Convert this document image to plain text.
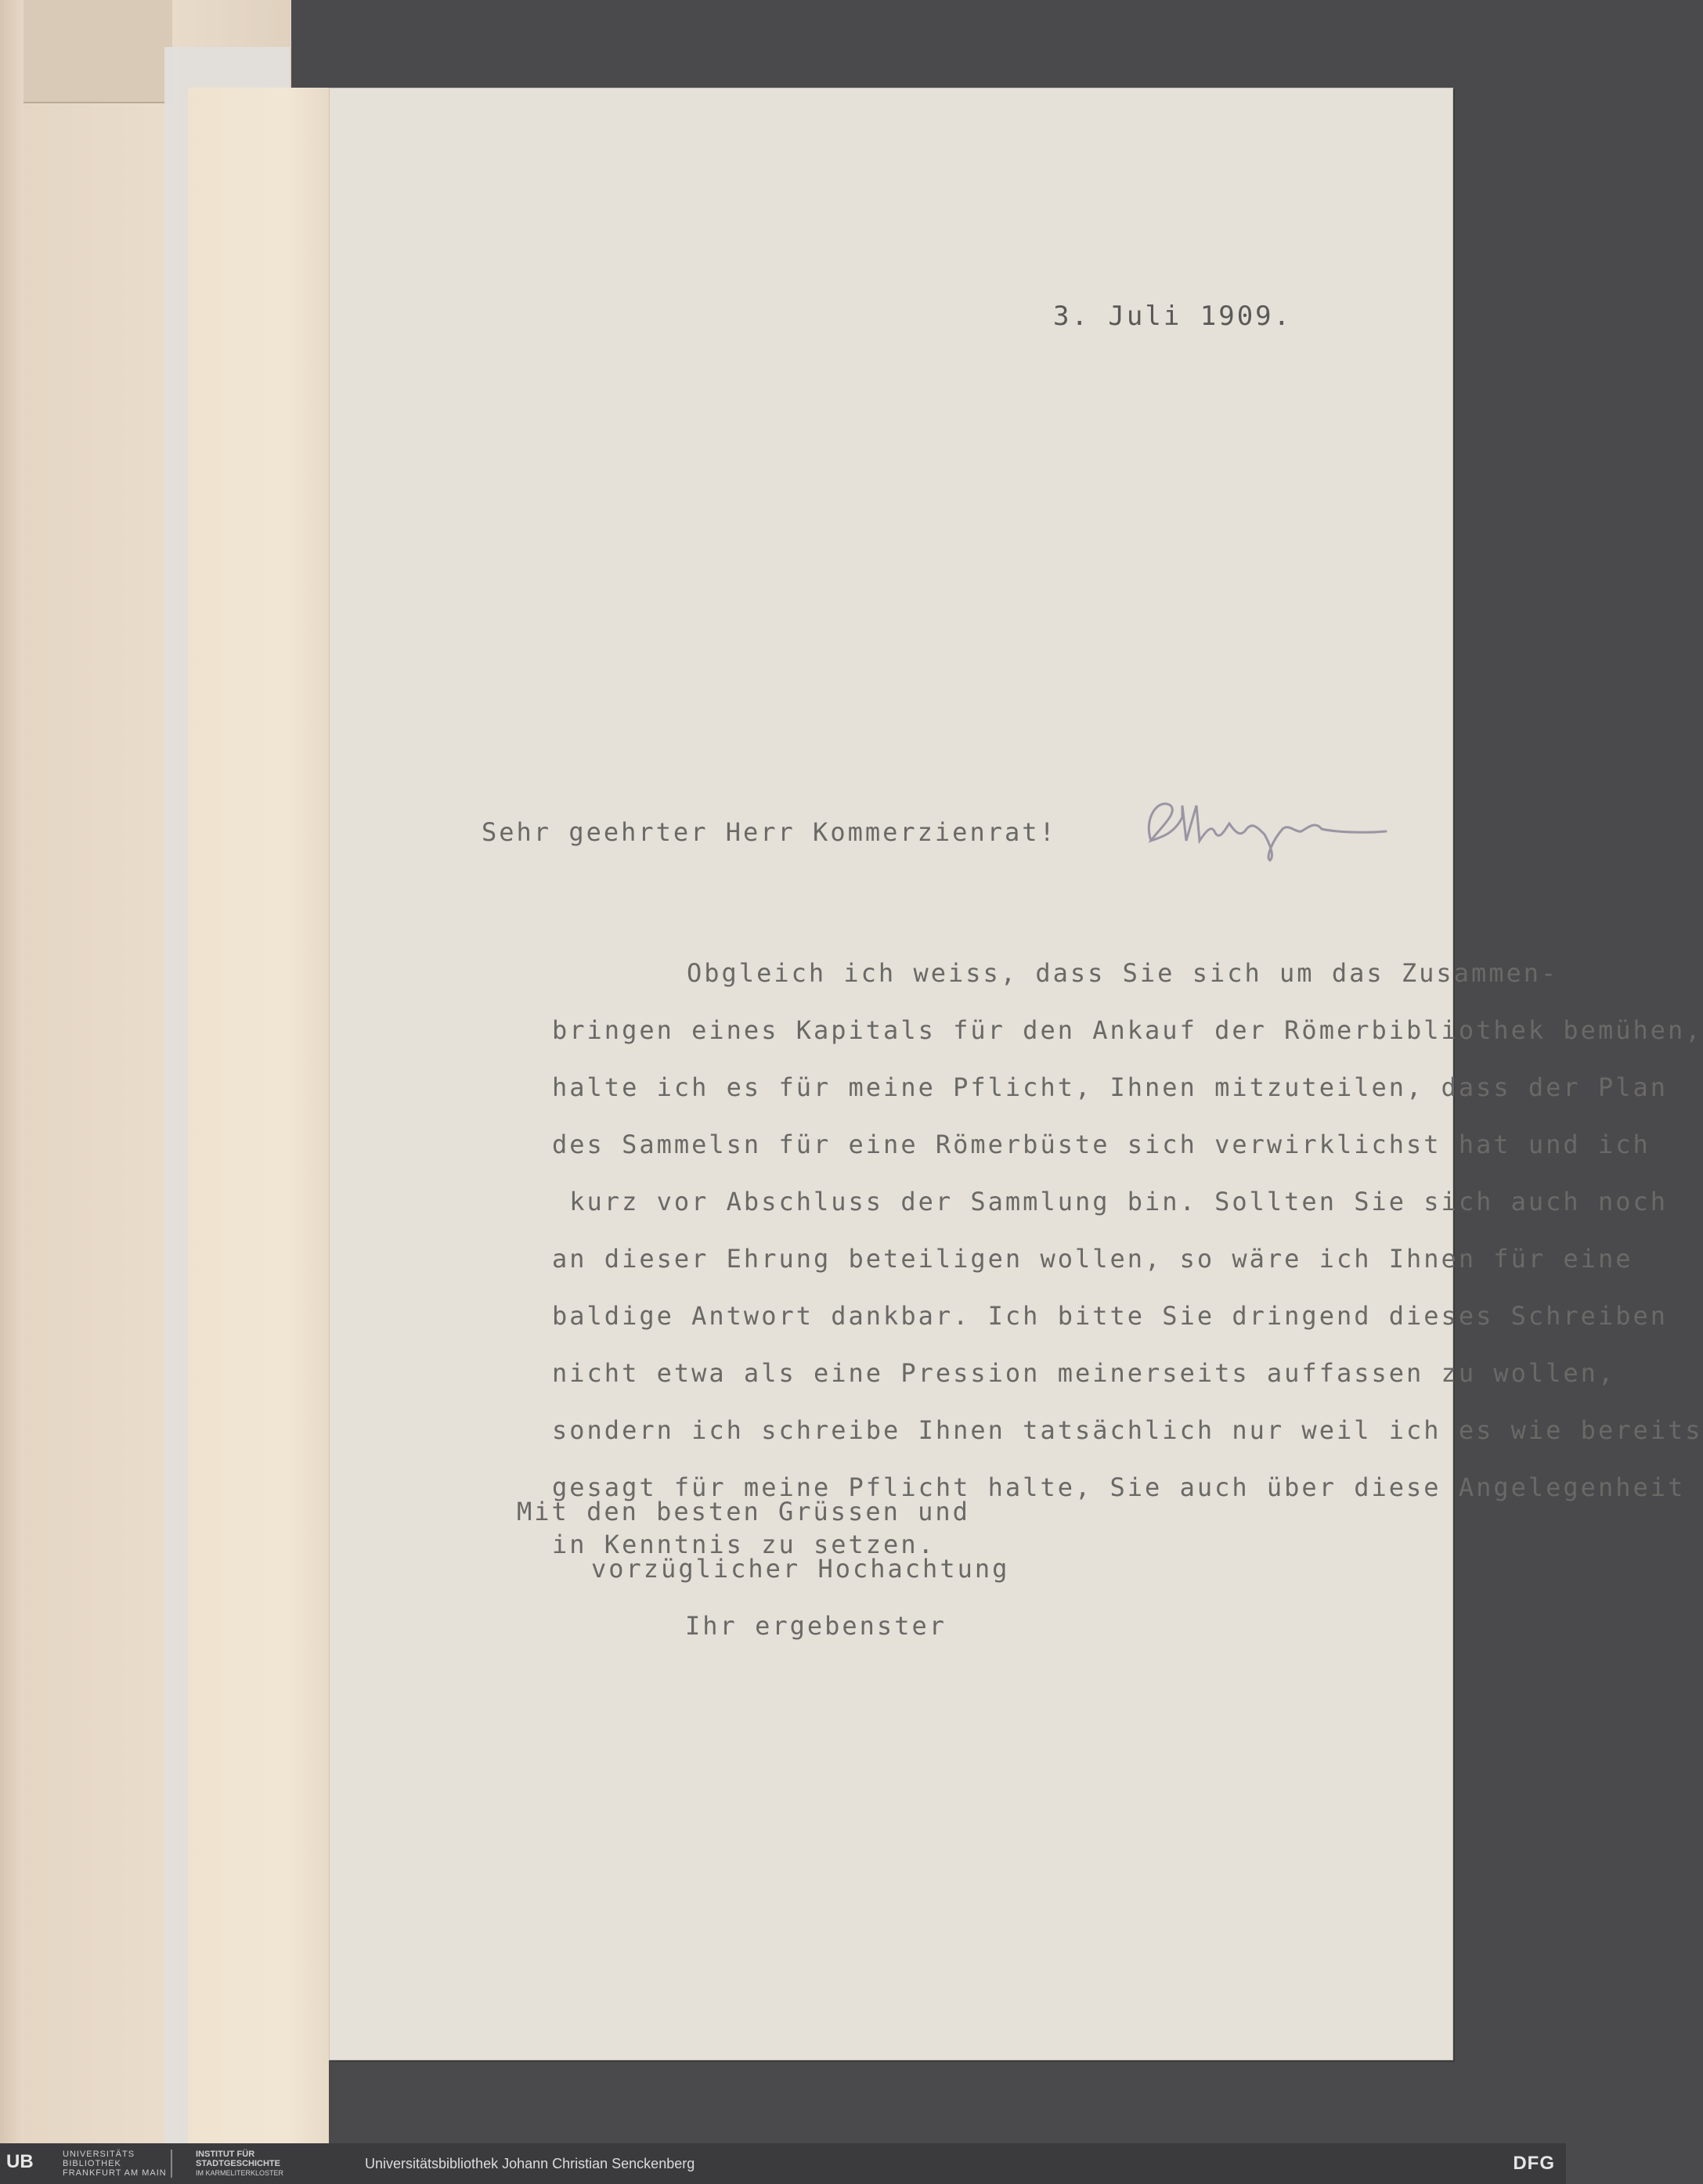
3. Juli 1909.
Sehr geehrter Herr Kommerzienrat!
Obgleich ich weiss, dass Sie sich um das Zusammen-
bringen eines Kapitals für den Ankauf der Römerbibliothek bemühen,
halte ich es für meine Pflicht, Ihnen mitzuteilen, dass der Plan
des Sammelsn für eine Römerbüste sich verwirklichst hat und ich
kurz vor Abschluss der Sammlung bin. Sollten Sie sich auch noch
an dieser Ehrung beteiligen wollen, so wäre ich Ihnen für eine
baldige Antwort dankbar. Ich bitte Sie dringend dieses Schreiben
nicht etwa als eine Pression meinerseits auffassen zu wollen,
sondern ich schreibe Ihnen tatsächlich nur weil ich es wie bereits
gesagt für meine Pflicht halte, Sie auch über diese Angelegenheit
in Kenntnis zu setzen.
Mit den besten Grüssen und
vorzüglicher Hochachtung
Ihr ergebenster
UB	UNIVERSITÄTS
BIBLIOTHEK
FRANKFURT AM MAIN
INSTITUT FÜR
STADTGESCHICHTE
IM KARMELITERKLOSTER
Universitätsbibliothek Johann Christian Senckenberg	DFG
